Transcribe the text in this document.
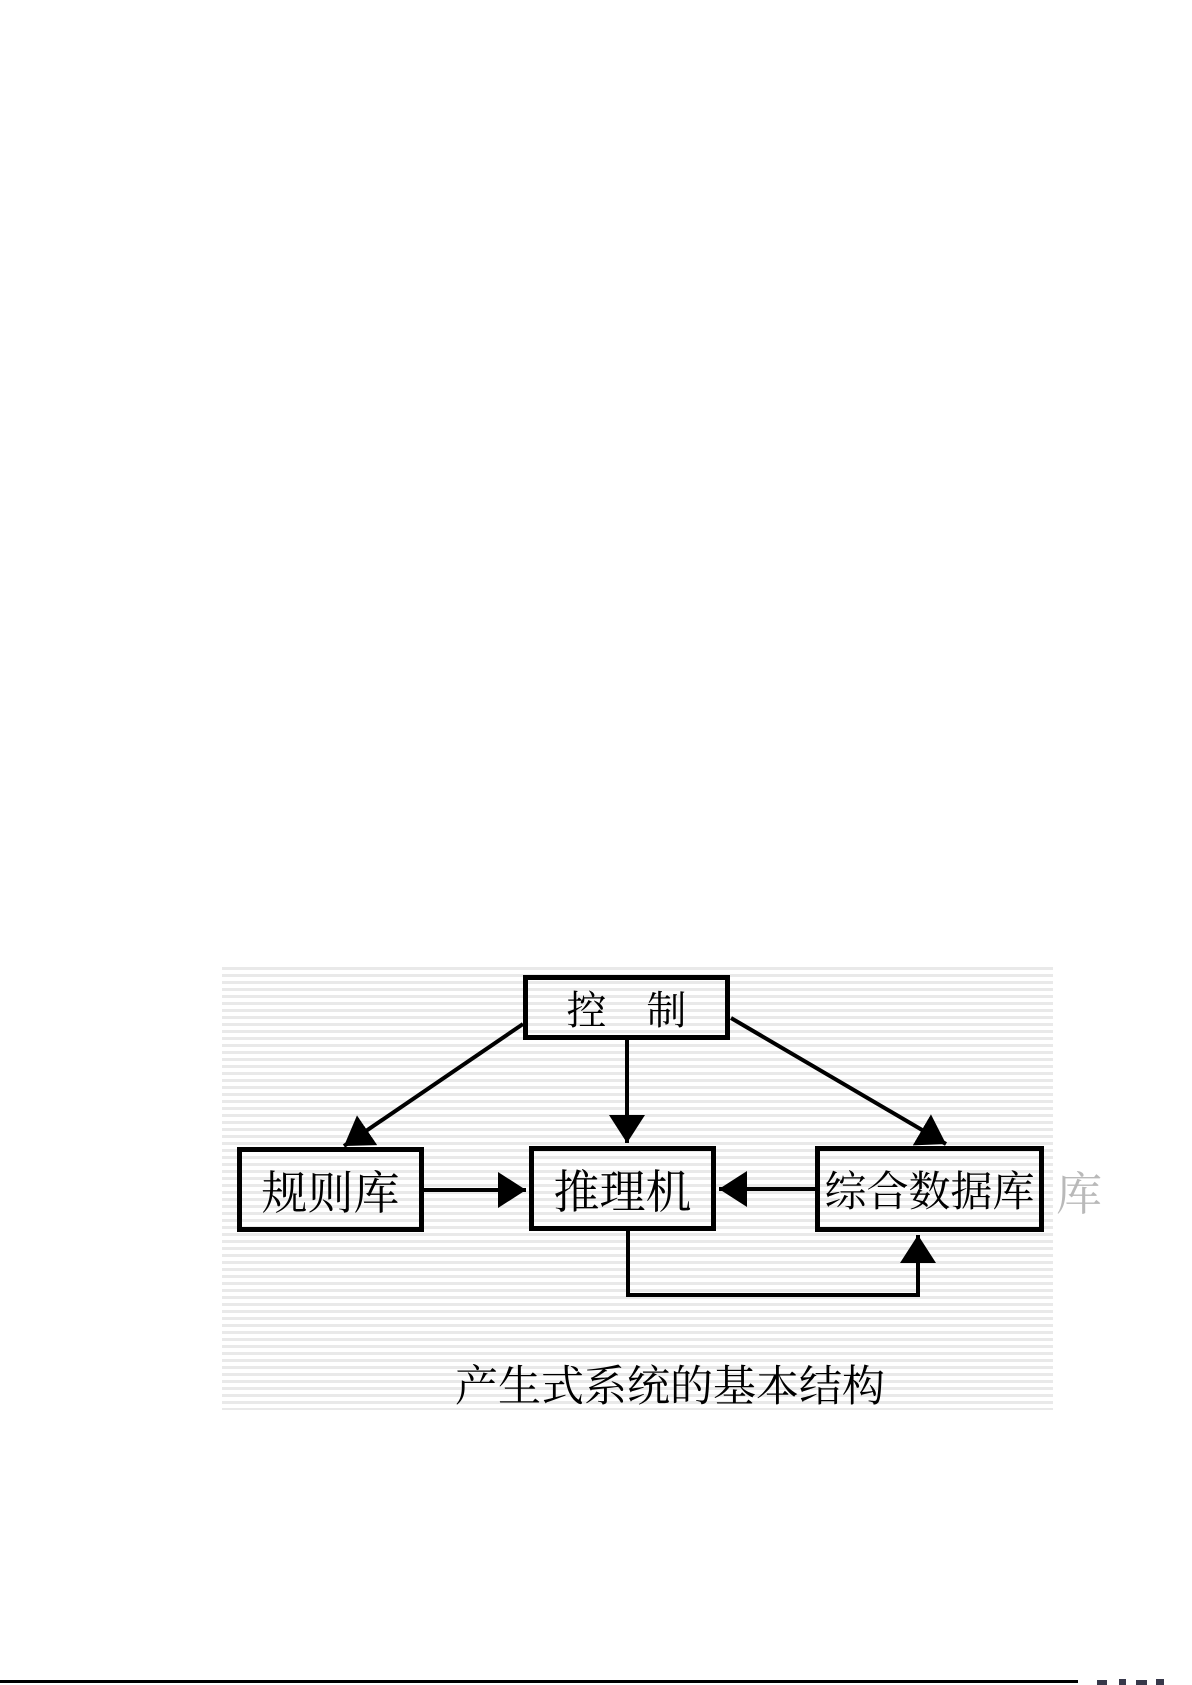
控　制
规则库	推理机	综合数据库 库
产生式系统的基本结构
